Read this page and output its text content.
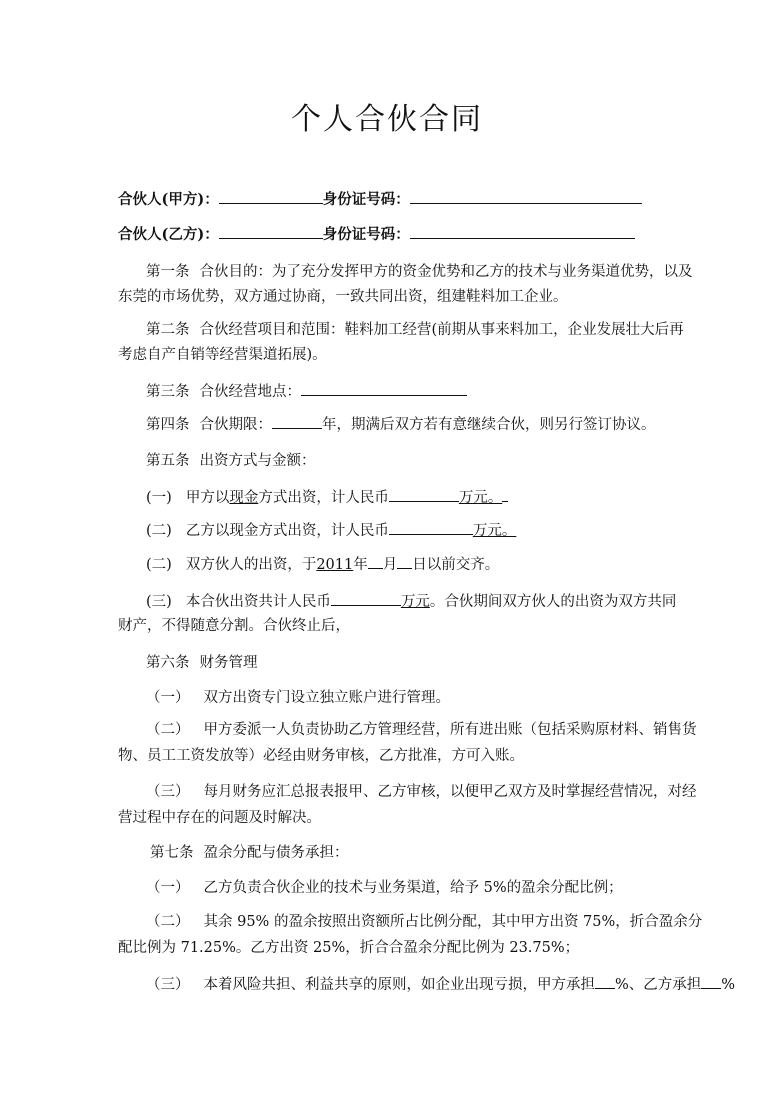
个人合伙合同
合伙人(甲方)：	身份证号码：
合伙人(乙方)：	身份证号码：
第一条 合伙目的：为了充分发挥甲方的资金优势和乙方的技术与业务渠道优势，以及
东莞的市场优势，双方通过协商，一致共同出资，组建鞋料加工企业。
第二条 合伙经营项目和范围：鞋料加工经营(前期从事来料加工，企业发展壮大后再
考虑自产自销等经营渠道拓展)。
第三条 合伙经营地点：
第四条 合伙期限：	年，期满后双方若有意继续合伙，则另行签订协议。
第五条 出资方式与金额：
(一) 甲方以现金方式出资，计人民币	万元。
(二) 乙方以现金方式出资，计人民币	万元。
(二) 双方伙人的出资，于2011年 月 日以前交齐。
(三) 本合伙出资共计人民币	万元。合伙期间双方伙人的出资为双方共同
财产，不得随意分割。合伙终止后，
第六条 财务管理
（一） 双方出资专门设立独立账户进行管理。
（二） 甲方委派一人负责协助乙方管理经营，所有进出账（包括采购原材料、销售货
物、员工工资发放等）必经由财务审核，乙方批准，方可入账。
（三） 每月财务应汇总报表报甲、乙方审核，以便甲乙双方及时掌握经营情况，对经
营过程中存在的问题及时解决。
第七条 盈余分配与债务承担：
（一） 乙方负责合伙企业的技术与业务渠道，给予 5%的盈余分配比例；
（二） 其余 95% 的盈余按照出资额所占比例分配，其中甲方出资 75%，折合盈余分
配比例为 71.25%。乙方出资 25%，折合合盈余分配比例为 23.75%；
（三） 本着风险共担、利益共享的原则，如企业出现亏损，甲方承担 %、乙方承担 %
